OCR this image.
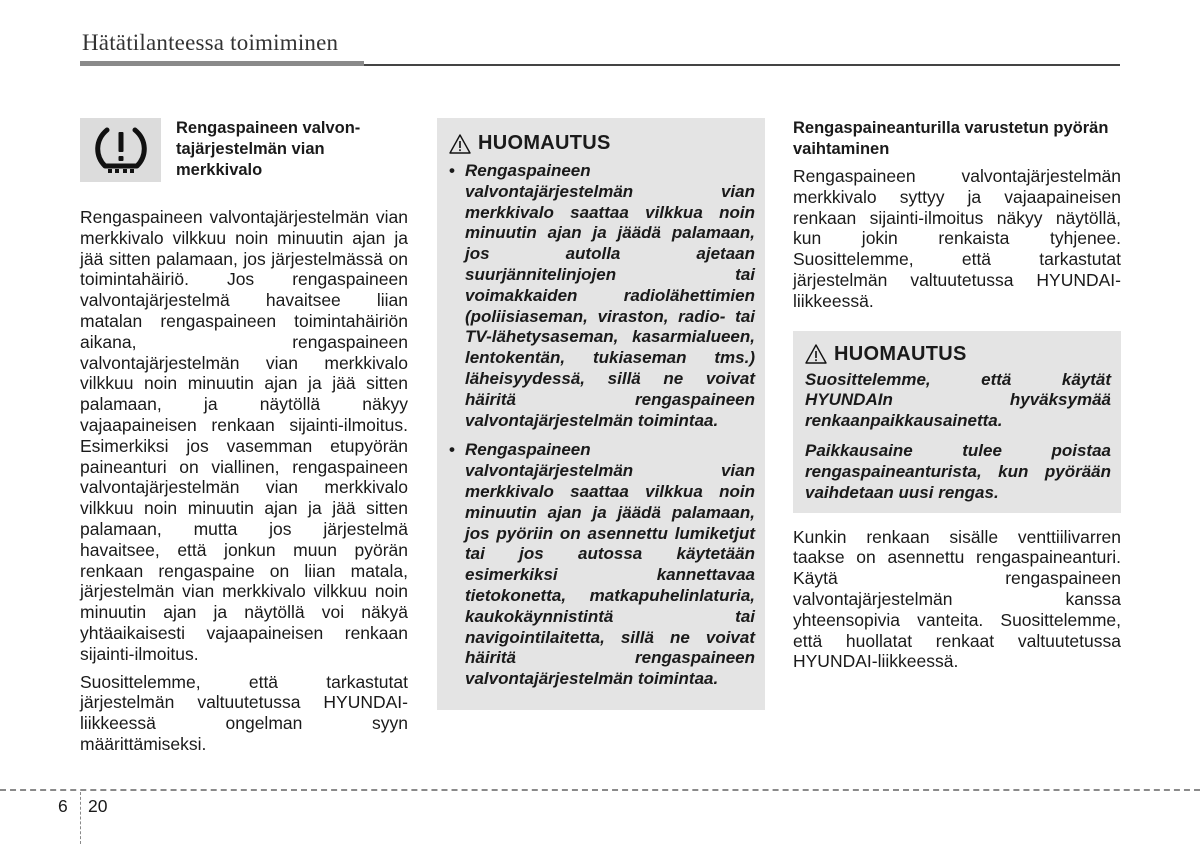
Hätätilanteessa toimiminen
Rengaspaineen valvon-
tajärjestelmän vian
merkkivalo

Rengaspaineen valvontajärjestelmän vian merkkivalo vilkkuu noin minuutin ajan ja jää sitten palamaan, jos järjestelmässä on toimintahäiriö. Jos rengaspaineen valvontajärjestelmä havaitsee liian matalan rengaspaineen toimintahäiriön aikana, rengaspaineen valvontajärjestelmän vian merkkivalo vilkkuu noin minuutin ajan ja jää sitten palamaan, ja näytöllä näkyy vajaapaineisen renkaan sijainti-ilmoitus. Esimerkiksi jos vasemman etupyörän paineanturi on viallinen, rengaspaineen valvontajärjestelmän vian merkkivalo vilkkuu noin minuutin ajan ja jää sitten palamaan, mutta jos järjestelmä havaitsee, että jonkun muun pyörän renkaan rengaspaine on liian matala, järjestelmän vian merkkivalo vilkkuu noin minuutin ajan ja näytöllä voi näkyä yhtäaikaisesti vajaapaineisen renkaan sijainti-ilmoitus.

Suosittelemme, että tarkastutat järjestelmän valtuutetussa HYUNDAI-liikkeessä ongelman syyn määrittämiseksi.

HUOMAUTUS
• Rengaspaineen valvontajärjestelmän vian merkkivalo saattaa vilkkua noin minuutin ajan ja jäädä palamaan, jos autolla ajetaan suurjännitelinjojen tai voimakkaiden radiolähettimien (poliisiaseman, viraston, radio- tai TV-lähetysaseman, kasarmialueen, lentokentän, tukiaseman tms.) läheisyydessä, sillä ne voivat häiritä rengaspaineen valvontajärjestelmän toimintaa.
• Rengaspaineen valvontajärjestelmän vian merkkivalo saattaa vilkkua noin minuutin ajan ja jäädä palamaan, jos pyöriin on asennettu lumiketjut tai jos autossa käytetään esimerkiksi kannettavaa tietokonetta, matkapuhelinlaturia, kaukokäynnistintä tai navigointilaitetta, sillä ne voivat häiritä rengaspaineen valvontajärjestelmän toimintaa.

Rengaspaineanturilla varustetun pyörän vaihtaminen

Rengaspaineen valvontajärjestelmän merkkivalo syttyy ja vajaapaineisen renkaan sijainti-ilmoitus näkyy näytöllä, kun jokin renkaista tyhjenee. Suosittelemme, että tarkastutat järjestelmän valtuutetussa HYUNDAI-liikkeessä.

HUOMAUTUS

Suosittelemme, että käytät HYUNDAIn hyväksymää renkaanpaikkausainetta.

Paikkausaine tulee poistaa rengaspaineanturista, kun pyörään vaihdetaan uusi rengas.

Kunkin renkaan sisälle venttiilivarren taakse on asennettu rengaspaineanturi. Käytä rengaspaineen valvontajärjestelmän kanssa yhteensopivia vanteita. Suosittelemme, että huollatat renkaat valtuutetussa HYUNDAI-liikkeessä.

6 20
